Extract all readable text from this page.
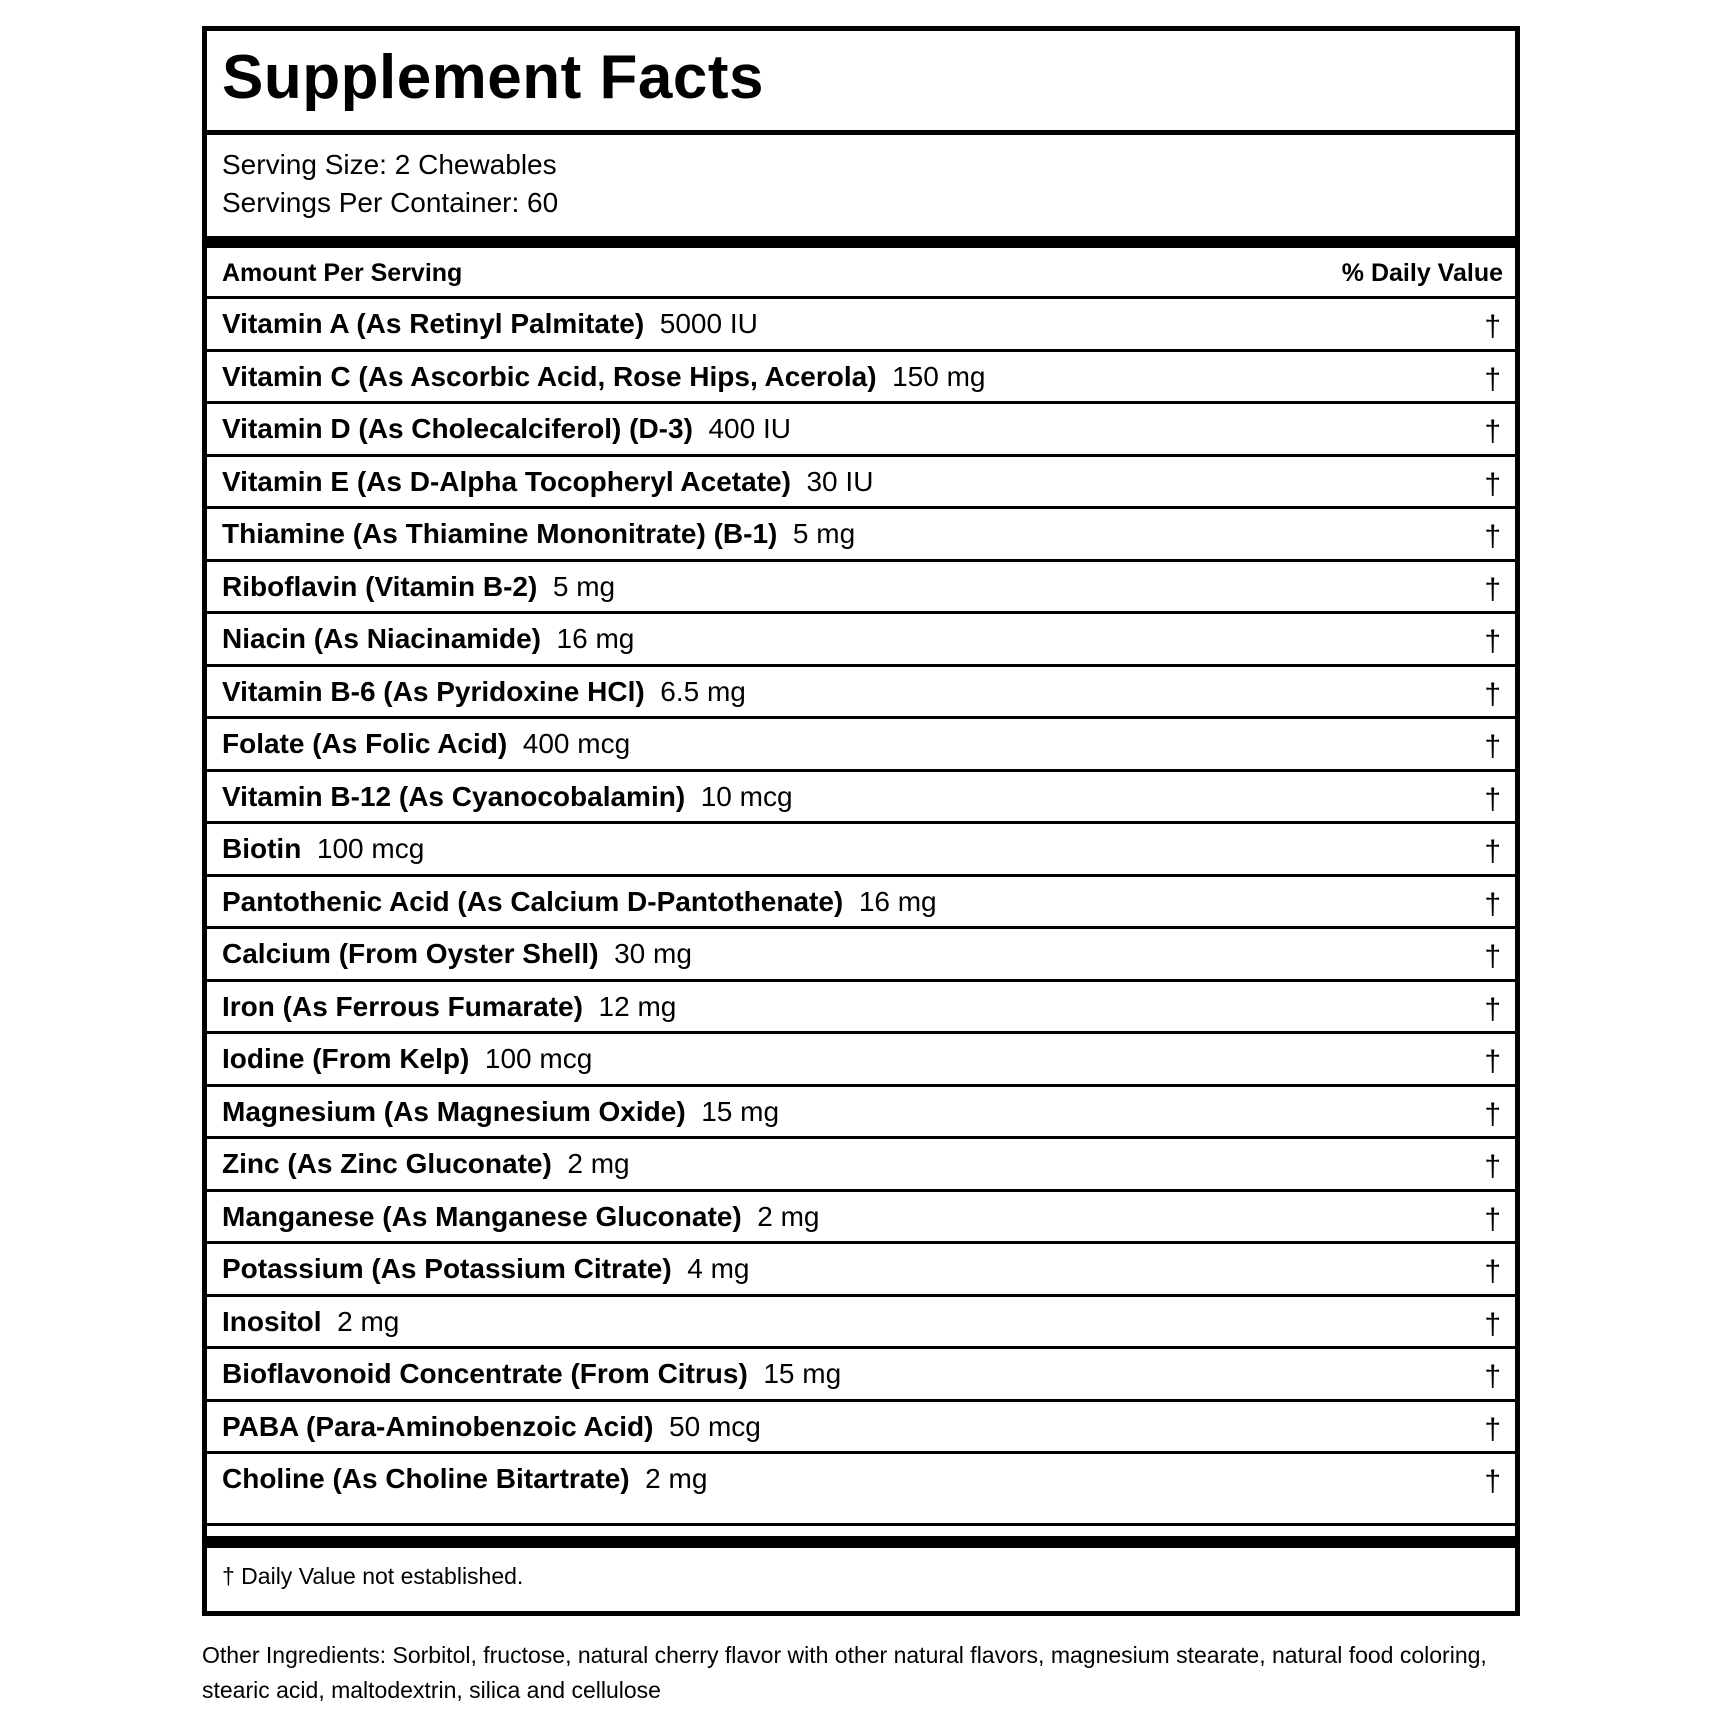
Supplement Facts
Serving Size: 2 Chewables
Servings Per Container: 60
Amount Per Serving	% Daily Value
Vitamin A (As Retinyl Palmitate) 5000 IU	†
Vitamin C (As Ascorbic Acid, Rose Hips, Acerola) 150 mg	†
Vitamin D (As Cholecalciferol) (D-3) 400 IU	†
Vitamin E (As D-Alpha Tocopheryl Acetate) 30 IU	†
Thiamine (As Thiamine Mononitrate) (B-1) 5 mg	†
Riboflavin (Vitamin B-2) 5 mg	†
Niacin (As Niacinamide) 16 mg	†
Vitamin B-6 (As Pyridoxine HCl) 6.5 mg	†
Folate (As Folic Acid) 400 mcg	†
Vitamin B-12 (As Cyanocobalamin) 10 mcg	†
Biotin 100 mcg	†
Pantothenic Acid (As Calcium D-Pantothenate) 16 mg	†
Calcium (From Oyster Shell) 30 mg	†
Iron (As Ferrous Fumarate) 12 mg	†
Iodine (From Kelp) 100 mcg	†
Magnesium (As Magnesium Oxide) 15 mg	†
Zinc (As Zinc Gluconate) 2 mg	†
Manganese (As Manganese Gluconate) 2 mg	†
Potassium (As Potassium Citrate) 4 mg	†
Inositol 2 mg	†
Bioflavonoid Concentrate (From Citrus) 15 mg	†
PABA (Para-Aminobenzoic Acid) 50 mcg	†
Choline (As Choline Bitartrate) 2 mg	†
† Daily Value not established.
Other Ingredients: Sorbitol, fructose, natural cherry flavor with other natural flavors, magnesium stearate, natural food coloring, stearic acid, maltodextrin, silica and cellulose
